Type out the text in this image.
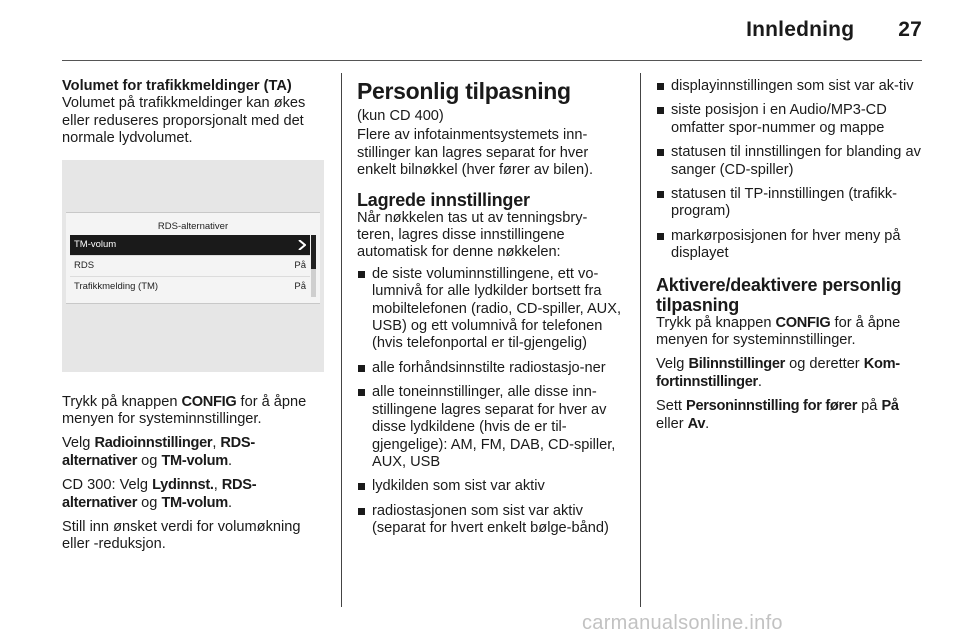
Innledning 27
Volumet for trafikkmeldinger (TA)

Volumet på trafikkmeldinger kan økes eller reduseres proporsjonalt med det normale lydvolumet.

RDS-alternativer
TM-volum
RDS	På
Trafikkmelding (TM)	På

Trykk på knappen CONFIG for å åpne menyen for systeminnstillinger.

Velg Radioinnstillinger, RDS-alternativer og TM-volum.

CD 300: Velg Lydinnst., RDS-alternativer og TM-volum.

Still inn ønsket verdi for volumøkning eller -reduksjon.

Personlig tilpasning

(kun CD 400)

Flere av infotainmentsystemets inn-stillinger kan lagres separat for hver enkelt bilnøkkel (hver fører av bilen).

Lagrede innstillinger

Når nøkkelen tas ut av tenningsbry-teren, lagres disse innstillingene automatisk for denne nøkkelen:

de siste voluminnstillingene, ett vo-lumnivå for alle lydkilder bortsett fra mobiltelefonen (radio, CD-spiller, AUX, USB) og ett volumnivå for telefonen (hvis telefonportal er til-gjengelig)
alle forhåndsinnstilte radiostasjo-ner
alle toneinnstillinger, alle disse inn-stillingene lagres separat for hver av disse lydkildene (hvis de er til-gjengelige): AM, FM, DAB, CD-spiller, AUX, USB
lydkilden som sist var aktiv
radiostasjonen som sist var aktiv (separat for hvert enkelt bølge-bånd)
displayinnstillingen som sist var ak-tiv
siste posisjon i en Audio/MP3-CD omfatter spor-nummer og mappe
statusen til innstillingen for blanding av sanger (CD-spiller)
statusen til TP-innstillingen (trafikk-program)
markørposisjonen for hver meny på displayet
Aktivere/deaktivere personlig tilpasning

Trykk på knappen CONFIG for å åpne menyen for systeminnstillinger.

Velg Bilinnstillinger og deretter Kom-fortinnstillinger.

Sett Personinnstilling for fører på På eller Av.

carmanualsonline.info
